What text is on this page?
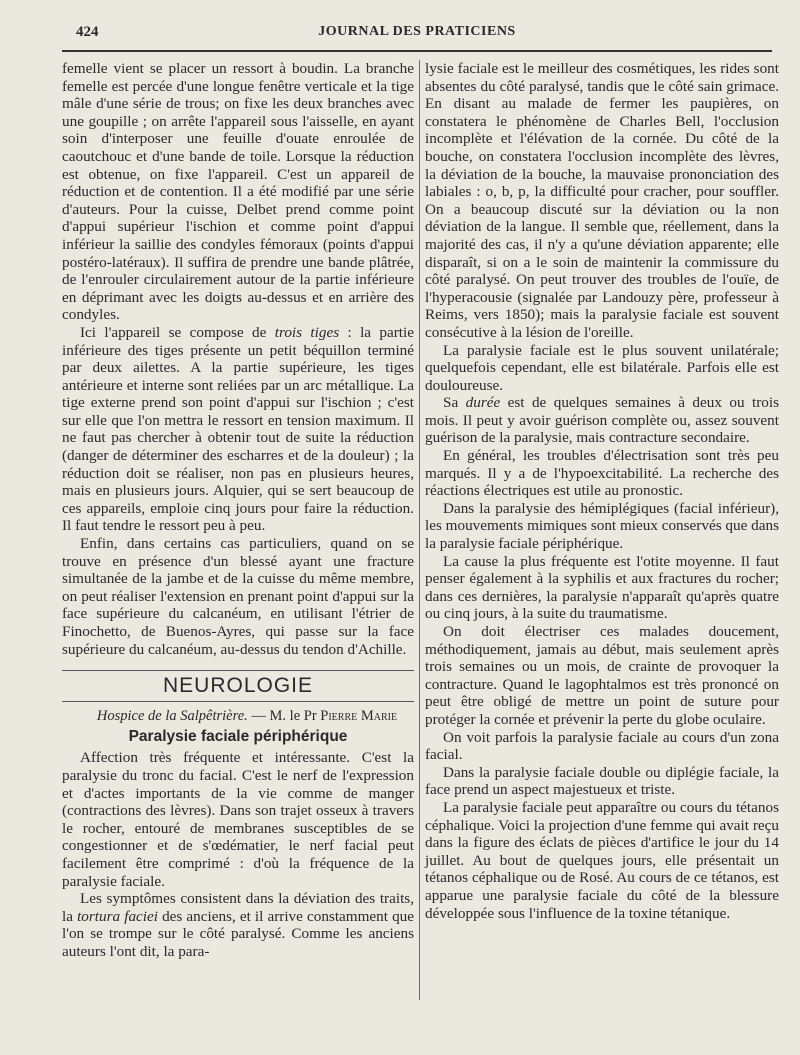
424	JOURNAL DES PRATICIENS

femelle vient se placer un ressort à boudin. La branche femelle est percée d'une longue fenêtre verticale et la tige mâle d'une série de trous; on fixe les deux branches avec une goupille ; on arrête l'appareil sous l'aisselle, en ayant soin d'interposer une feuille d'ouate enroulée de caoutchouc et d'une bande de toile. Lorsque la réduction est obtenue, on fixe l'appareil. C'est un appareil de réduction et de contention. Il a été modifié par une série d'auteurs. Pour la cuisse, Delbet prend comme point d'appui supérieur l'ischion et comme point d'appui inférieur la saillie des condyles fémoraux (points d'appui postéro-latéraux). Il suffira de prendre une bande plâtrée, de l'enrouler circulairement autour de la partie inférieure en déprimant avec les doigts au-dessus et en arrière des condyles.

Ici l'appareil se compose de trois tiges : la partie inférieure des tiges présente un petit béquillon terminé par deux ailettes. A la partie supérieure, les tiges antérieure et interne sont reliées par un arc métallique. La tige externe prend son point d'appui sur l'ischion ; c'est sur elle que l'on mettra le ressort en tension maximum. Il ne faut pas chercher à obtenir tout de suite la réduction (danger de déterminer des escharres et de la douleur) ; la réduction doit se réaliser, non pas en plusieurs heures, mais en plusieurs jours. Alquier, qui se sert beaucoup de ces appareils, emploie cinq jours pour faire la réduction. Il faut tendre le ressort peu à peu.

Enfin, dans certains cas particuliers, quand on se trouve en présence d'un blessé ayant une fracture simultanée de la jambe et de la cuisse du même membre, on peut réaliser l'extension en prenant point d'appui sur la face supérieure du calcanéum, en utilisant l'étrier de Finochetto, de Buenos-Ayres, qui passe sur la face supérieure du calcanéum, au-dessus du tendon d'Achille.

NEUROLOGIE

Hospice de la Salpêtrière. — M. le Pr Pierre Marie

Paralysie faciale périphérique

Affection très fréquente et intéressante. C'est la paralysie du tronc du facial. C'est le nerf de l'expression et d'actes importants de la vie comme de manger (contractions des lèvres). Dans son trajet osseux à travers le rocher, entouré de membranes susceptibles de se congestionner et de s'œdématier, le nerf facial peut facilement être comprimé : d'où la fréquence de la paralysie faciale.

Les symptômes consistent dans la déviation des traits, la tortura faciei des anciens, et il arrive constamment que l'on se trompe sur le côté paralysé. Comme les anciens auteurs l'ont dit, la para-

lysie faciale est le meilleur des cosmétiques, les rides sont absentes du côté paralysé, tandis que le côté sain grimace. En disant au malade de fermer les paupières, on constatera le phénomène de Charles Bell, l'occlusion incomplète et l'élévation de la cornée. Du côté de la bouche, on constatera l'occlusion incomplète des lèvres, la déviation de la bouche, la mauvaise prononciation des labiales : o, b, p, la difficulté pour cracher, pour souffler. On a beaucoup discuté sur la déviation ou la non déviation de la langue. Il semble que, réellement, dans la majorité des cas, il n'y a qu'une déviation apparente; elle disparaît, si on a le soin de maintenir la commissure du côté paralysé. On peut trouver des troubles de l'ouïe, de l'hyperacousie (signalée par Landouzy père, professeur à Reims, vers 1850); mais la paralysie faciale est souvent consécutive à la lésion de l'oreille.

La paralysie faciale est le plus souvent unilatérale; quelquefois cependant, elle est bilatérale. Parfois elle est douloureuse.

Sa durée est de quelques semaines à deux ou trois mois. Il peut y avoir guérison complète ou, assez souvent guérison de la paralysie, mais contracture secondaire.

En général, les troubles d'électrisation sont très peu marqués. Il y a de l'hypoexcitabilité. La recherche des réactions électriques est utile au pronostic.

Dans la paralysie des hémiplégiques (facial inférieur), les mouvements mimiques sont mieux conservés que dans la paralysie faciale périphérique.

La cause la plus fréquente est l'otite moyenne. Il faut penser également à la syphilis et aux fractures du rocher; dans ces dernières, la paralysie n'apparaît qu'après quatre ou cinq jours, à la suite du traumatisme.

On doit électriser ces malades doucement, méthodiquement, jamais au début, mais seulement après trois semaines ou un mois, de crainte de provoquer la contracture. Quand le lagophtalmos est très prononcé on peut être obligé de mettre un point de suture pour protéger la cornée et prévenir la perte du globe oculaire.

On voit parfois la paralysie faciale au cours d'un zona facial.

Dans la paralysie faciale double ou diplégie faciale, la face prend un aspect majestueux et triste.

La paralysie faciale peut apparaître ou cours du tétanos céphalique. Voici la projection d'une femme qui avait reçu dans la figure des éclats de pièces d'artifice le jour du 14 juillet. Au bout de quelques jours, elle présentait un tétanos céphalique ou de Rosé. Au cours de ce tétanos, est apparue une paralysie faciale du côté de la blessure développée sous l'influence de la toxine tétanique.
